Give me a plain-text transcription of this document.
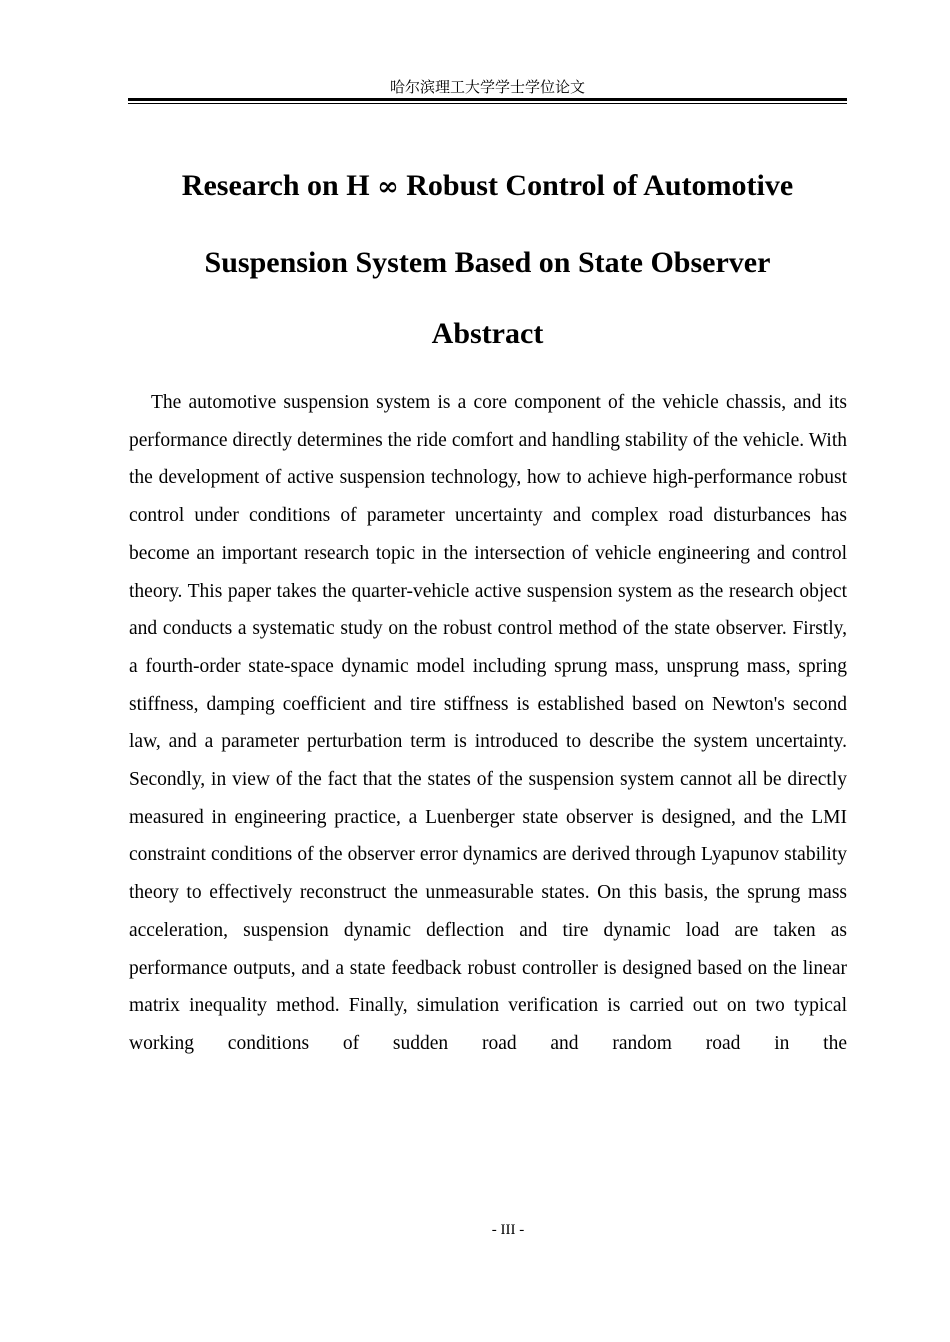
哈尔滨理工大学学士学位论文
Research on H ∞ Robust Control of Automotive
Suspension System Based on State Observer
Abstract
The automotive suspension system is a core component of the vehicle chassis, and its performance directly determines the ride comfort and handling stability of the vehicle. With the development of active suspension technology, how to achieve high-performance robust control under conditions of parameter uncertainty and complex road disturbances has become an important research topic in the intersection of vehicle engineering and control theory. This paper takes the quarter-vehicle active suspension system as the research object and conducts a systematic study on the robust control method of the state observer. Firstly, a fourth-order state-space dynamic model including sprung mass, unsprung mass, spring stiffness, damping coefficient and tire stiffness is established based on Newton's second law, and a parameter perturbation term is introduced to describe the system uncertainty. Secondly, in view of the fact that the states of the suspension system cannot all be directly measured in engineering practice, a Luenberger state observer is designed, and the LMI constraint conditions of the observer error dynamics are derived through Lyapunov stability theory to effectively reconstruct the unmeasurable states. On this basis, the sprung mass acceleration, suspension dynamic deflection and tire dynamic load are taken as performance outputs, and a state feedback robust controller is designed based on the linear matrix inequality method. Finally, simulation verification is carried out on two typical working conditions of sudden road and random road in the
- III -
